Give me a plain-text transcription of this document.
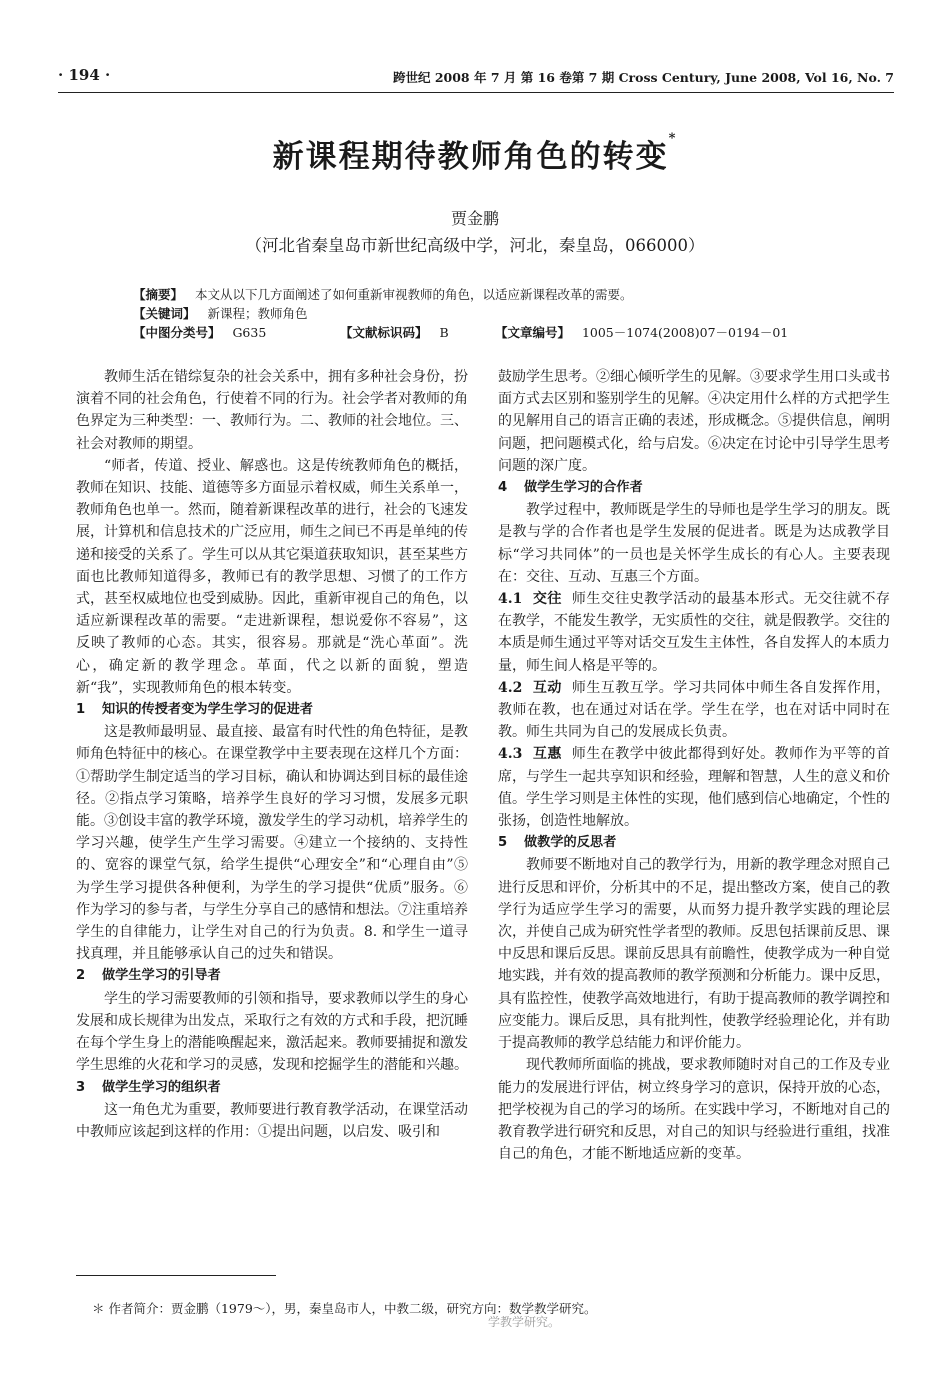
· 194 ·	跨世纪 2008 年 7 月 第 16 卷第 7 期 Cross Century, June 2008, Vol 16, No. 7
新课程期待教师角色的转变*
贾金鹏
（河北省秦皇岛市新世纪高级中学，河北，秦皇岛，066000）
【摘要】 本文从以下几方面阐述了如何重新审视教师的角色，以适应新课程改革的需要。
【关键词】 新课程；教师角色
【中图分类号】 G635	【文献标识码】 B	【文章编号】 1005－1074(2008)07－0194－01

教师生活在错综复杂的社会关系中，拥有多种社会身份，扮演着不同的社会角色，行使着不同的行为。社会学者对教师的角色界定为三种类型：一、教师行为。二、教师的社会地位。三、社会对教师的期望。

“师者，传道、授业、解惑也。这是传统教师角色的概括，教师在知识、技能、道德等多方面显示着权威，师生关系单一，教师角色也单一。然而，随着新课程改革的进行，社会的飞速发展，计算机和信息技术的广泛应用，师生之间已不再是单纯的传递和接受的关系了。学生可以从其它渠道获取知识，甚至某些方面也比教师知道得多，教师已有的教学思想、习惯了的工作方式，甚至权威地位也受到威胁。因此，重新审视自己的角色，以适应新课程改革的需要。“走进新课程，想说爱你不容易”，这反映了教师的心态。其实，很容易。那就是“洗心革面”。洗心，确定新的教学理念。革面，代之以新的面貌，塑造新“我”，实现教师角色的根本转变。

1 知识的传授者变为学生学习的促进者

这是教师最明显、最直接、最富有时代性的角色特征，是教师角色特征中的核心。在课堂教学中主要表现在这样几个方面：①帮助学生制定适当的学习目标，确认和协调达到目标的最佳途径。②指点学习策略，培养学生良好的学习习惯，发展多元职能。③创设丰富的教学环境，激发学生的学习动机，培养学生的学习兴趣，使学生产生学习需要。④建立一个接纳的、支持性的、宽容的课堂气氛，给学生提供“心理安全”和“心理自由”⑤为学生学习提供各种便利，为学生的学习提供“优质”服务。⑥作为学习的参与者，与学生分享自己的感情和想法。⑦注重培养学生的自律能力，让学生对自己的行为负责。8. 和学生一道寻找真理，并且能够承认自己的过失和错误。

2 做学生学习的引导者

学生的学习需要教师的引领和指导，要求教师以学生的身心发展和成长规律为出发点，采取行之有效的方式和手段，把沉睡在每个学生身上的潜能唤醒起来，激活起来。教师要捕捉和激发学生思维的火花和学习的灵感，发现和挖掘学生的潜能和兴趣。

3 做学生学习的组织者

这一角色尤为重要，教师要进行教育教学活动，在课堂活动中教师应该起到这样的作用：①提出问题，以启发、吸引和

鼓励学生思考。②细心倾听学生的见解。③要求学生用口头或书面方式去区别和鉴别学生的见解。④决定用什么样的方式把学生的见解用自己的语言正确的表述，形成概念。⑤提供信息，阐明问题，把问题模式化，给与启发。⑥决定在讨论中引导学生思考问题的深广度。

4 做学生学习的合作者

教学过程中，教师既是学生的导师也是学生学习的朋友。既是教与学的合作者也是学生发展的促进者。既是为达成教学目标“学习共同体”的一员也是关怀学生成长的有心人。主要表现在：交往、互动、互惠三个方面。

4.1 交往 师生交往史教学活动的最基本形式。无交往就不存在教学，不能发生教学，无实质性的交往，就是假教学。交往的本质是师生通过平等对话交互发生主体性，各自发挥人的本质力量，师生间人格是平等的。

4.2 互动 师生互教互学。学习共同体中师生各自发挥作用，教师在教，也在通过对话在学。学生在学，也在对话中同时在教。师生共同为自己的发展成长负责。

4.3 互惠 师生在教学中彼此都得到好处。教师作为平等的首席，与学生一起共享知识和经验，理解和智慧，人生的意义和价值。学生学习则是主体性的实现，他们感到信心地确定，个性的张扬，创造性地解放。

5 做教学的反思者

教师要不断地对自己的教学行为，用新的教学理念对照自己进行反思和评价，分析其中的不足，提出整改方案，使自己的教学行为适应学生学习的需要，从而努力提升教学实践的理论层次，并使自己成为研究性学者型的教师。反思包括课前反思、课中反思和课后反思。课前反思具有前瞻性，使教学成为一种自觉地实践，并有效的提高教师的教学预测和分析能力。课中反思，具有监控性，使教学高效地进行，有助于提高教师的教学调控和应变能力。课后反思，具有批判性，使教学经验理论化，并有助于提高教师的教学总结能力和评价能力。

现代教师所面临的挑战，要求教师随时对自己的工作及专业能力的发展进行评估，树立终身学习的意识，保持开放的心态，把学校视为自己的学习的场所。在实践中学习，不断地对自己的教育教学进行研究和反思，对自己的知识与经验进行重组，找准自己的角色，才能不断地适应新的变革。

＊ 作者简介：贾金鹏（1979～），男，秦皇岛市人，中教二级，研究方向：数学教学研究。
学教学研究。
